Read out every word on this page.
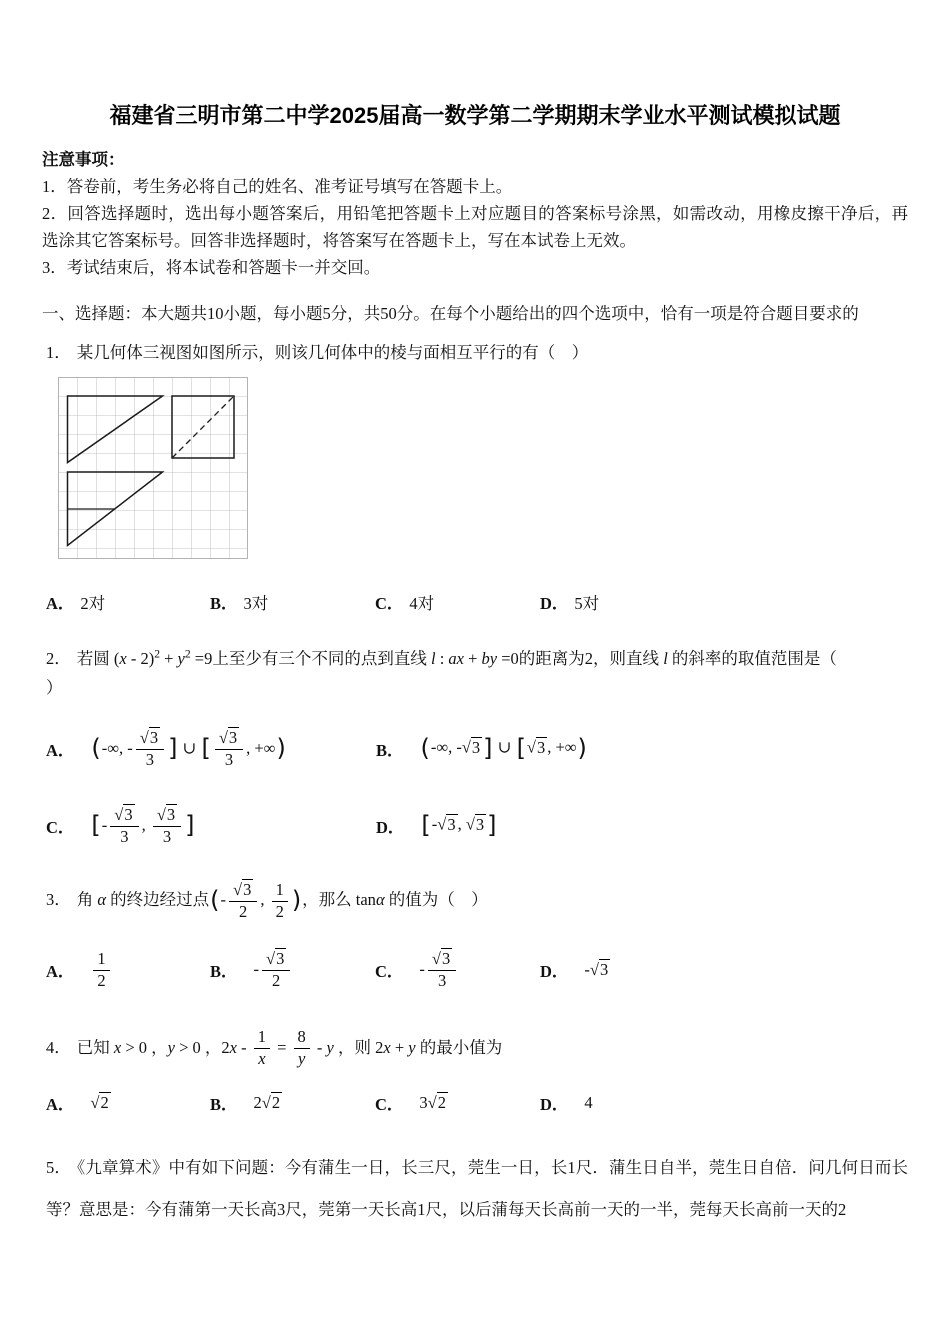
福建省三明市第二中学2025届高一数学第二学期期末学业水平测试模拟试题
注意事项：

1．答卷前，考生务必将自己的姓名、准考证号填写在答题卡上。

2．回答选择题时，选出每小题答案后，用铅笔把答题卡上对应题目的答案标号涂黑，如需改动，用橡皮擦干净后，再选涂其它答案标号。回答非选择题时，将答案写在答题卡上，写在本试卷上无效。

3．考试结束后，将本试卷和答题卡一并交回。

一、选择题：本大题共10小题，每小题5分，共50分。在每个小题给出的四个选项中，恰有一项是符合题目要求的

1． 某几何体三视图如图所示，则该几何体中的棱与面相互平行的有（　）

A． 2对	B． 3对	C． 4对	D． 5对

2． 若圆 $(x - 2)^2 + y^2 =9$上至少有三个不同的点到直线 l : ax + by =0的距离为2，则直线 l 的斜率的取值范围是（
）

A． (-∞, - $\frac{√3}{3}$ ] ∪ [ $\frac{√3}{3}$ , +∞)	B． (-∞, -√3 ] ∪ [√3 , +∞)
C． [- $\frac{√3}{3}$ , $\frac{√3}{3}$ ]	D． [-√3 , √3 ]

3． 角 α 的终边经过点(- $\frac{√3}{2}$ , $\frac{1}{2}$ )，那么 tanα 的值为（　）

A． $\frac{1}{2}$	B． - $\frac{√3}{2}$	C． - $\frac{√3}{3}$	D． -√3

4． 已知 x > 0 ，y > 0 ，$2x - \frac{1}{x} = \frac{8}{y} - y$ ，则 2x + y 的最小值为

A． √2	B． 2√2	C． 3√2	D． 4

5． 《九章算术》中有如下问题：今有蒲生一日，长三尺，莞生一日，长1尺．蒲生日自半，莞生日自倍．问几何日而长等？意思是：今有蒲第一天长高3尺，莞第一天长高1尺，以后蒲每天长高前一天的一半，莞每天长高前一天的2
